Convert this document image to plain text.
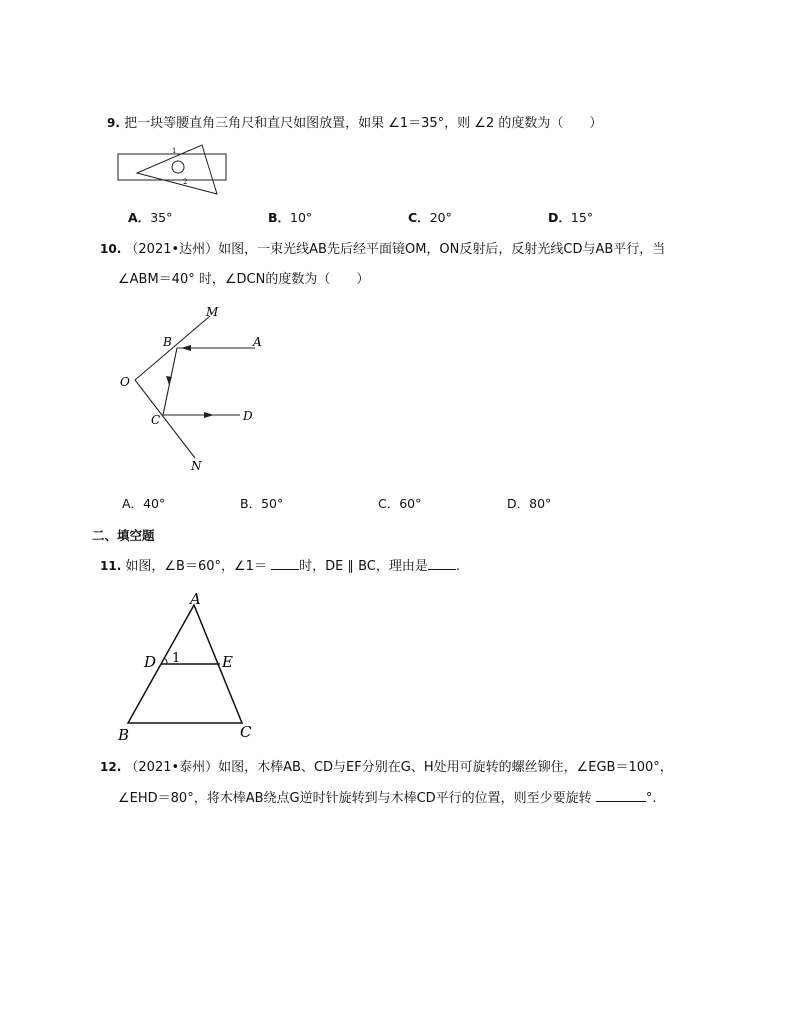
9. 把一块等腰直角三角尺和直尺如图放置，如果 ∠1＝35°，则 ∠2 的度数为（　　）
1
2
A．35°	B．10°	C．20°	D．15°
10. （2021•达州）如图，一束光线AB先后经平面镜OM，ON反射后，反射光线CD与AB平行，当
∠ABM＝40° 时，∠DCN的度数为（　　）
M
A
B
O
C	D
N
A．40°	B．50°	C．60°	D．80°
二、填空题
11. 如图，∠B＝60°，∠1＝ 时，DE ∥ BC，理由是 .
A
D 1	E
B	C
12. （2021•泰州）如图，木棒AB、CD与EF分别在G、H处用可旋转的螺丝铆住，∠EGB＝100°，
∠EHD＝80°，将木棒AB绕点G逆时针旋转到与木棒CD平行的位置，则至少要旋转	°.
